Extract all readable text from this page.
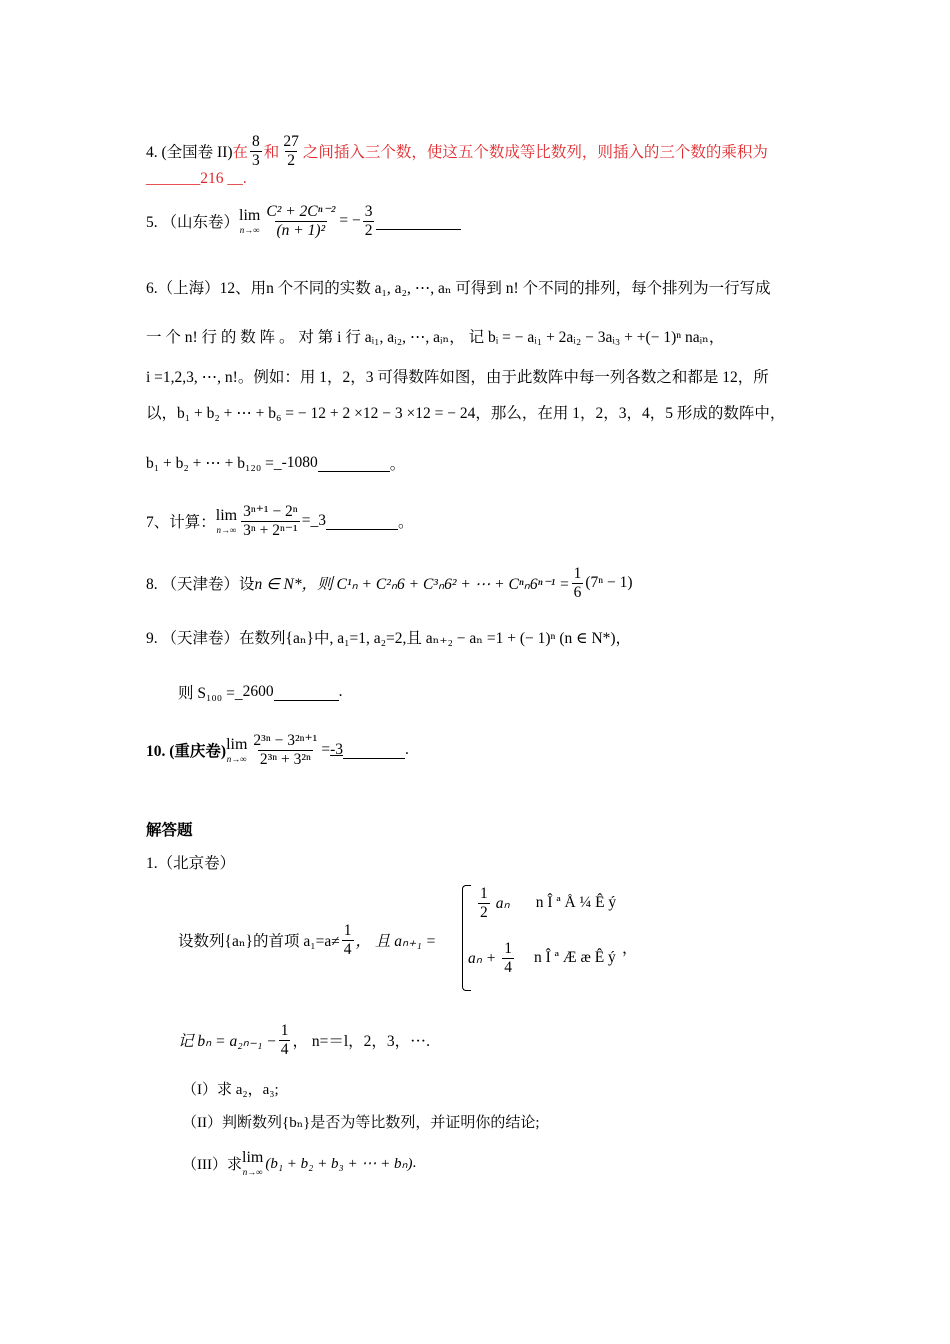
4. (全国卷 II) 在 $\frac{8}{3}$ 和 $\frac{27}{2}$ 之间插入三个数，使这五个数成等比数列，则插入的三个数的乘积为
_______216 __.
5. （山东卷） lim
$n\to\infty \frac{\text{C² + 2Cⁿ⁻²}}{\text{(n + 1)²}}$ = − $\frac{3}{2}$
6.（上海）12、用n 个不同的实数 a₁, a₂, ⋯, aₙ 可得到 n! 个不同的排列，每个排列为一行写成
一 个 n! 行 的 数 阵 。 对 第 i 行 aᵢ₁, aᵢ₂, ⋯, aᵢₙ， 记 bᵢ = − aᵢ₁ + 2aᵢ₂ − 3aᵢ₃ + +(− 1)ⁿ naᵢₙ，
i =1,2,3, ⋯, n!。例如：用 1，2，3 可得数阵如图，由于此数阵中每一列各数之和都是 12，所
以，b₁ + b₂ + ⋯ + b₆ = − 12 + 2 ×12 − 3 ×12 = − 24，那么，在用 1，2，3，4，5 形成的数阵中，
b₁ + b₂ + ⋯ + b₁₂₀ =_ -1080	。
7、计算： lim
$n\to\infty \frac{\text{3ⁿ⁺¹ − 2ⁿ}}{\text{3ⁿ + 2ⁿ⁻¹}}$ =_3	。
8. （天津卷）设 n ∈ N*，则 C¹ₙ + C²ₙ6 + C³ₙ6² + ⋯ + $C^n_n6^{n-1} = \frac{1}{6} (7^n - 1)$
9. （天津卷）在数列{aₙ}中, a₁=1, a₂=2,且 aₙ₊₂ − aₙ =1 + (− 1)ⁿ (n ∈ N*)，
则 S₁₀₀ =_ 2600	.
10. (重庆卷) lim
$n\to\infty \frac{\text{2³ⁿ − 3²ⁿ⁺¹}}{\text{2³ⁿ + 3²ⁿ}} = -3$	.
解答题
1.（北京卷）
设数列{aₙ}的首项 $a_1=a\ne \frac{1}{4}$ ， 且 aₙ₊₁ =
$\frac{1}{2}$ aₙ n Î ª Å ¼ Ê ý
$a_n + \frac{1}{4}$ n Î ª Æ æ Ê ý
，
记 $b_n = a_{2n-1} - \frac{1}{4}$ ， n=＝l，2，3，⋅⋅⋅.
（I）求 a₂，a₃;
（II）判断数列{bₙ}是否为等比数列，并证明你的结论;
（III）求 lim
n→∞ (b₁ + b₂ + b₃ + ⋯ + bₙ) .
